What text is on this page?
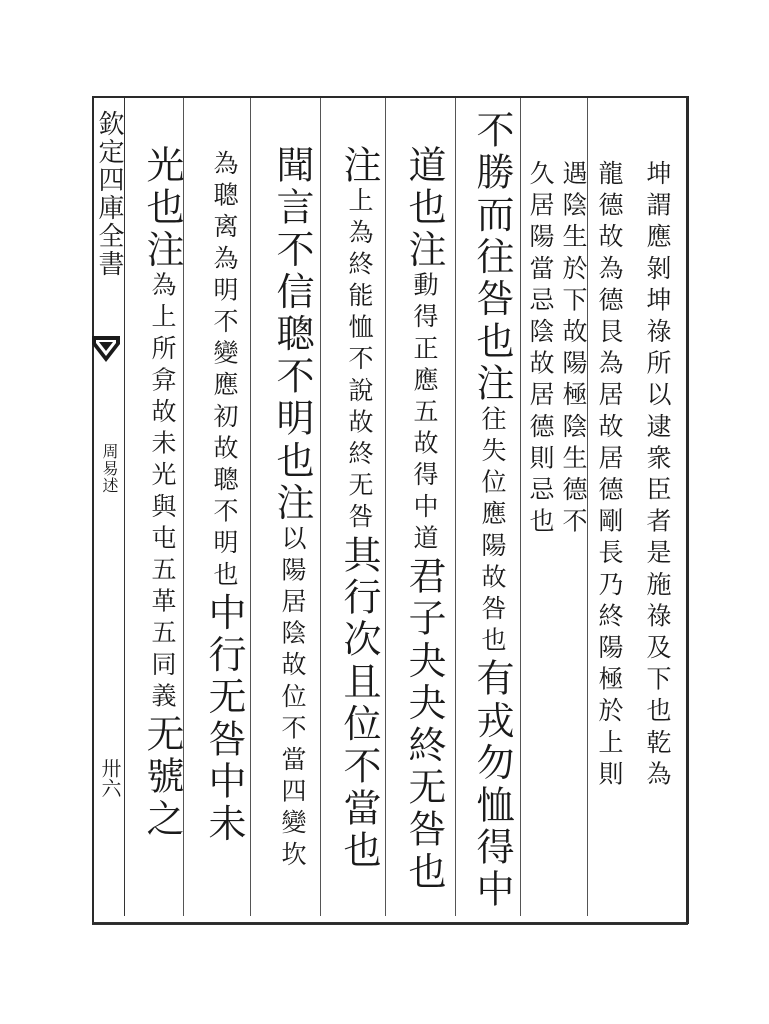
欽定四庫全書
周易述
卅六	坤謂應剝坤祿所以逮衆臣者是施祿及下也乾為
龍德故為德艮為居故居德剛長乃終陽極於上則
遇陰生於下故陽極陰生德不
久居陽當忌陰故居德則忌也
不勝而往咎也注往失位應陽故咎也有戎勿恤得中
道也注動得正應五故得中道君子夬夬終无咎也
注上為終能恤不說故終无咎其行次且位不當也
聞言不信聰不明也注以陽居陰故位不當四變坎
為聰离為明不變應初故聰不明也中行无咎中未
光也注為上所弇故未光與屯五革五同義无號之
